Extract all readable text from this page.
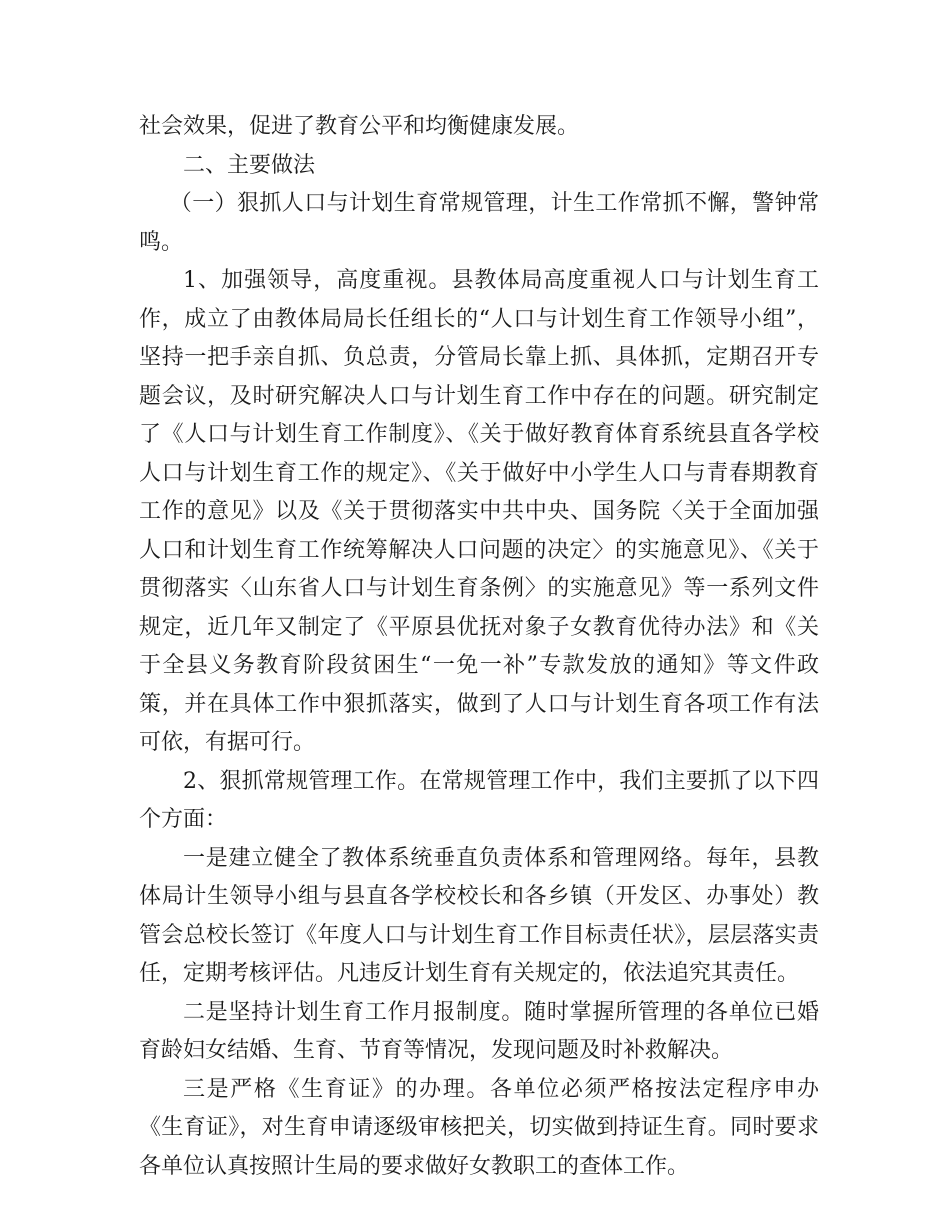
社会效果，促进了教育公平和均衡健康发展。

二、主要做法

（一）狠抓人口与计划生育常规管理，计生工作常抓不懈，警钟常鸣。

1、加强领导，高度重视。县教体局高度重视人口与计划生育工作，成立了由教体局局长任组长的“人口与计划生育工作领导小组”，坚持一把手亲自抓、负总责，分管局长靠上抓、具体抓，定期召开专题会议，及时研究解决人口与计划生育工作中存在的问题。研究制定了《人口与计划生育工作制度》、《关于做好教育体育系统县直各学校人口与计划生育工作的规定》、《关于做好中小学生人口与青春期教育工作的意见》以及《关于贯彻落实中共中央、国务院〈关于全面加强人口和计划生育工作统筹解决人口问题的决定〉的实施意见》、《关于贯彻落实〈山东省人口与计划生育条例〉的实施意见》等一系列文件规定，近几年又制定了《平原县优抚对象子女教育优待办法》和《关于全县义务教育阶段贫困生“一免一补”专款发放的通知》等文件政策，并在具体工作中狠抓落实，做到了人口与计划生育各项工作有法可依，有据可行。

2、狠抓常规管理工作。在常规管理工作中，我们主要抓了以下四个方面：

一是建立健全了教体系统垂直负责体系和管理网络。每年，县教体局计生领导小组与县直各学校校长和各乡镇（开发区、办事处）教管会总校长签订《年度人口与计划生育工作目标责任状》，层层落实责任，定期考核评估。凡违反计划生育有关规定的，依法追究其责任。

二是坚持计划生育工作月报制度。随时掌握所管理的各单位已婚育龄妇女结婚、生育、节育等情况，发现问题及时补救解决。

三是严格《生育证》的办理。各单位必须严格按法定程序申办《生育证》，对生育申请逐级审核把关，切实做到持证生育。同时要求各单位认真按照计生局的要求做好女教职工的查体工作。
